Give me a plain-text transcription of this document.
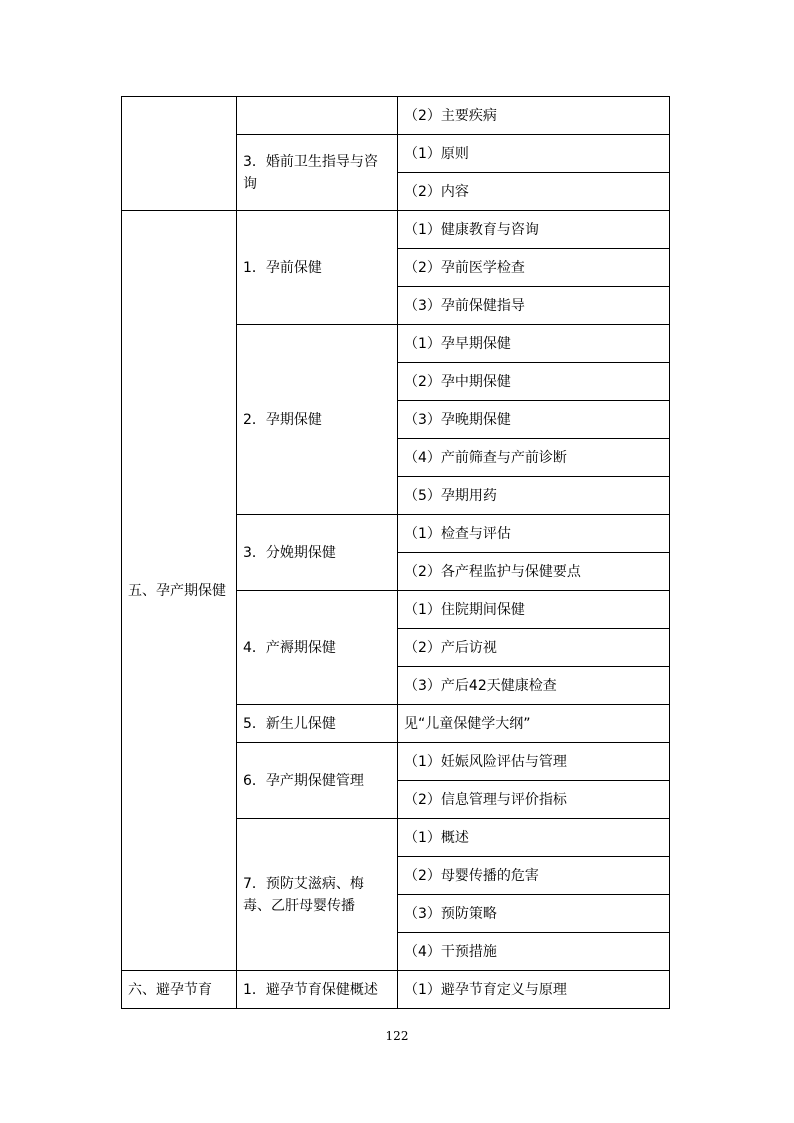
		（2）主要疾病

	3．婚前卫生指导与咨询	（1）原则

		（2）内容

五、孕产期保健	1．孕前保健	（1）健康教育与咨询

		（2）孕前医学检查

		（3）孕前保健指导

	2．孕期保健	（1）孕早期保健

		（2）孕中期保健

		（3）孕晚期保健

		（4）产前筛查与产前诊断

		（5）孕期用药

	3．分娩期保健	（1）检查与评估

		（2）各产程监护与保健要点

	4．产褥期保健	（1）住院期间保健

		（2）产后访视

		（3）产后42天健康检查

	5．新生儿保健	见“儿童保健学大纲”

	6．孕产期保健管理	（1）妊娠风险评估与管理

		（2）信息管理与评价指标

	7．预防艾滋病、梅毒、乙肝母婴传播	（1）概述

		（2）母婴传播的危害

		（3）预防策略

		（4）干预措施

六、避孕节育	1．避孕节育保健概述	（1）避孕节育定义与原理
122
